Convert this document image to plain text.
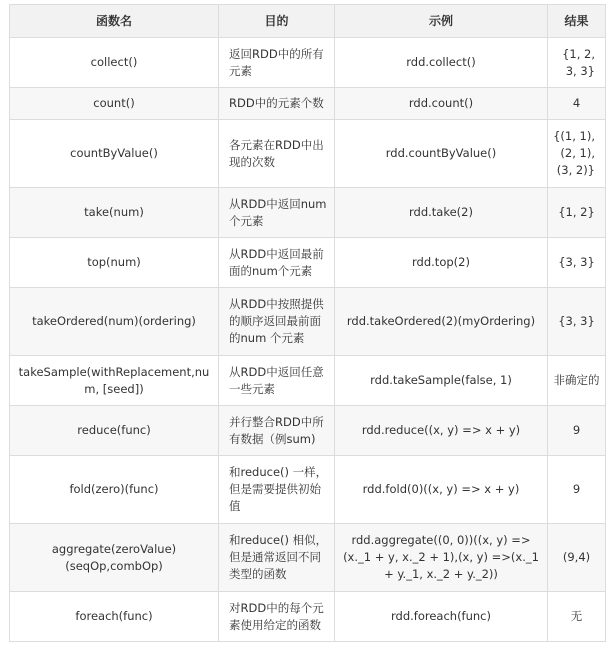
函数名	目的	示例	结果
collect()	返回RDD中的所有元素	rdd.collect()	{1, 2, 3, 3}
count()	RDD中的元素个数	rdd.count()	4
countByValue()	各元素在RDD中出现的次数	rdd.countByValue()	{(1, 1), (2, 1), (3, 2)}
take(num)	从RDD中返回num个元素	rdd.take(2)	{1, 2}
top(num)	从RDD中返回最前面的num个元素	rdd.top(2)	{3, 3}
takeOrdered(num)(ordering)	从RDD中按照提供的顺序返回最前面的num 个元素	rdd.takeOrdered(2)(myOrdering)	{3, 3}
takeSample(withReplacement,num, [seed])	从RDD中返回任意一些元素	rdd.takeSample(false, 1)	非确定的
reduce(func)	并行整合RDD中所有数据（例sum)	rdd.reduce((x, y) => x + y)	9
fold(zero)(func)	和reduce() 一样，但是需要提供初始值	rdd.fold(0)((x, y) => x + y)	9
aggregate(zeroValue)(seqOp,combOp)	和reduce() 相似，但是通常返回不同类型的函数	rdd.aggregate((0, 0))((x, y) =>(x._1 + y, x._2 + 1),(x, y) =>(x._1 + y._1, x._2 + y._2))	(9,4)
foreach(func)	对RDD中的每个元素使用给定的函数	rdd.foreach(func)	无
